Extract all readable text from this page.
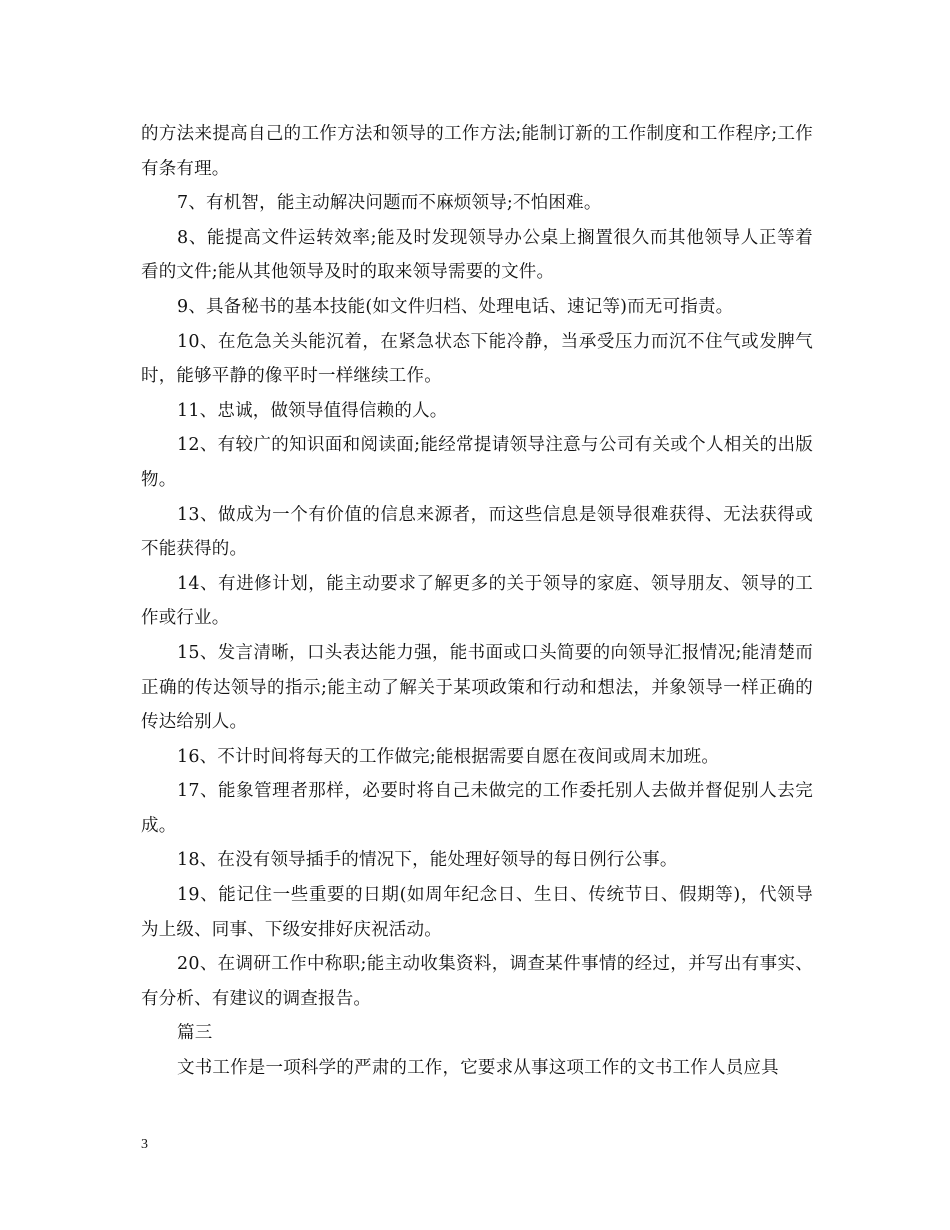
的方法来提高自己的工作方法和领导的工作方法;能制订新的工作制度和工作程序;工作有条有理。

7、有机智，能主动解决问题而不麻烦领导;不怕困难。

8、能提高文件运转效率;能及时发现领导办公桌上搁置很久而其他领导人正等着看的文件;能从其他领导及时的取来领导需要的文件。

9、具备秘书的基本技能(如文件归档、处理电话、速记等)而无可指责。

10、在危急关头能沉着，在紧急状态下能冷静，当承受压力而沉不住气或发脾气时，能够平静的像平时一样继续工作。

11、忠诚，做领导值得信赖的人。

12、有较广的知识面和阅读面;能经常提请领导注意与公司有关或个人相关的出版物。

13、做成为一个有价值的信息来源者，而这些信息是领导很难获得、无法获得或不能获得的。

14、有进修计划，能主动要求了解更多的关于领导的家庭、领导朋友、领导的工作或行业。

15、发言清晰，口头表达能力强，能书面或口头简要的向领导汇报情况;能清楚而正确的传达领导的指示;能主动了解关于某项政策和行动和想法，并象领导一样正确的传达给别人。

16、不计时间将每天的工作做完;能根据需要自愿在夜间或周末加班。

17、能象管理者那样，必要时将自己未做完的工作委托别人去做并督促别人去完成。

18、在没有领导插手的情况下，能处理好领导的每日例行公事。

19、能记住一些重要的日期(如周年纪念日、生日、传统节日、假期等)，代领导为上级、同事、下级安排好庆祝活动。

20、在调研工作中称职;能主动收集资料，调查某件事情的经过，并写出有事实、有分析、有建议的调查报告。

篇三

文书工作是一项科学的严肃的工作，它要求从事这项工作的文书工作人员应具

3
